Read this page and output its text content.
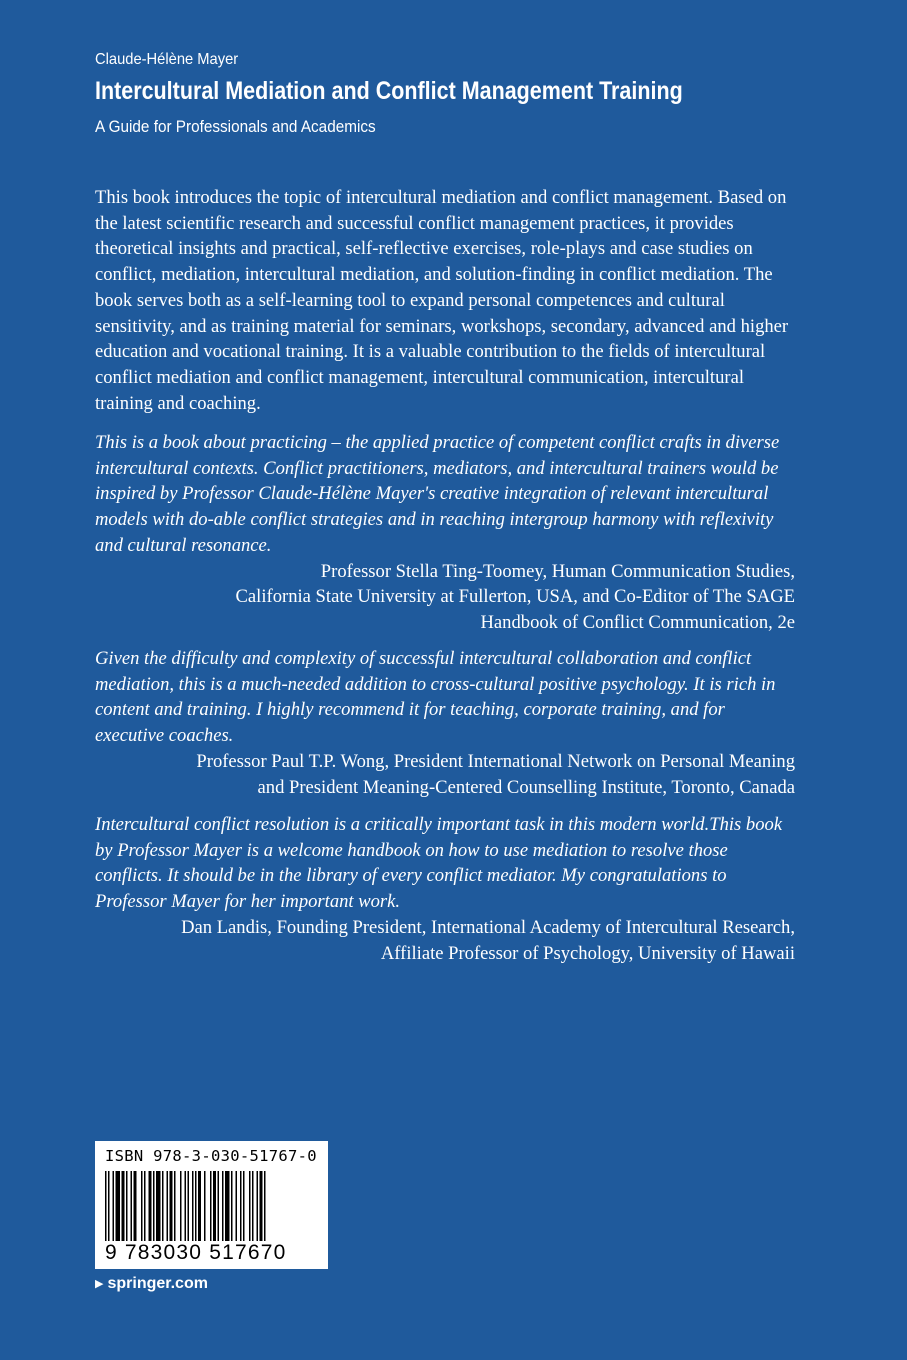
Claude-Hélène Mayer
Intercultural Mediation and Conflict Management Training
A Guide for Professionals and Academics

This book introduces the topic of intercultural mediation and conflict management. Based on the latest scientific research and successful conflict management practices, it provides theoretical insights and practical, self-reflective exercises, role-plays and case studies on conflict, mediation, intercultural mediation, and solution-finding in conflict mediation. The book serves both as a self-learning tool to expand personal competences and cultural sensitivity, and as training material for seminars, workshops, secondary, advanced and higher education and vocational training. It is a valuable contribution to the fields of intercultural conflict mediation and conflict management, intercultural communication, intercultural training and coaching.

This is a book about practicing – the applied practice of competent conflict crafts in diverse intercultural contexts. Conflict practitioners, mediators, and intercultural trainers would be inspired by Professor Claude-Hélène Mayer's creative integration of relevant intercultural models with do-able conflict strategies and in reaching intergroup harmony with reflexivity and cultural resonance.
Professor Stella Ting-Toomey, Human Communication Studies,
California State University at Fullerton, USA, and Co-Editor of The SAGE
Handbook of Conflict Communication, 2e
Given the difficulty and complexity of successful intercultural collaboration and conflict mediation, this is a much-needed addition to cross-cultural positive psychology. It is rich in content and training. I highly recommend it for teaching, corporate training, and for executive coaches.
Professor Paul T.P. Wong, President International Network on Personal Meaning
and President Meaning-Centered Counselling Institute, Toronto, Canada
Intercultural conflict resolution is a critically important task in this modern world.This book by Professor Mayer is a welcome handbook on how to use mediation to resolve those conflicts. It should be in the library of every conflict mediator. My congratulations to Professor Mayer for her important work.
Dan Landis, Founding President, International Academy of Intercultural Research,
Affiliate Professor of Psychology, University of Hawaii
ISBN 978-3-030-51767-0
9 783030 517670
▶ springer.com
